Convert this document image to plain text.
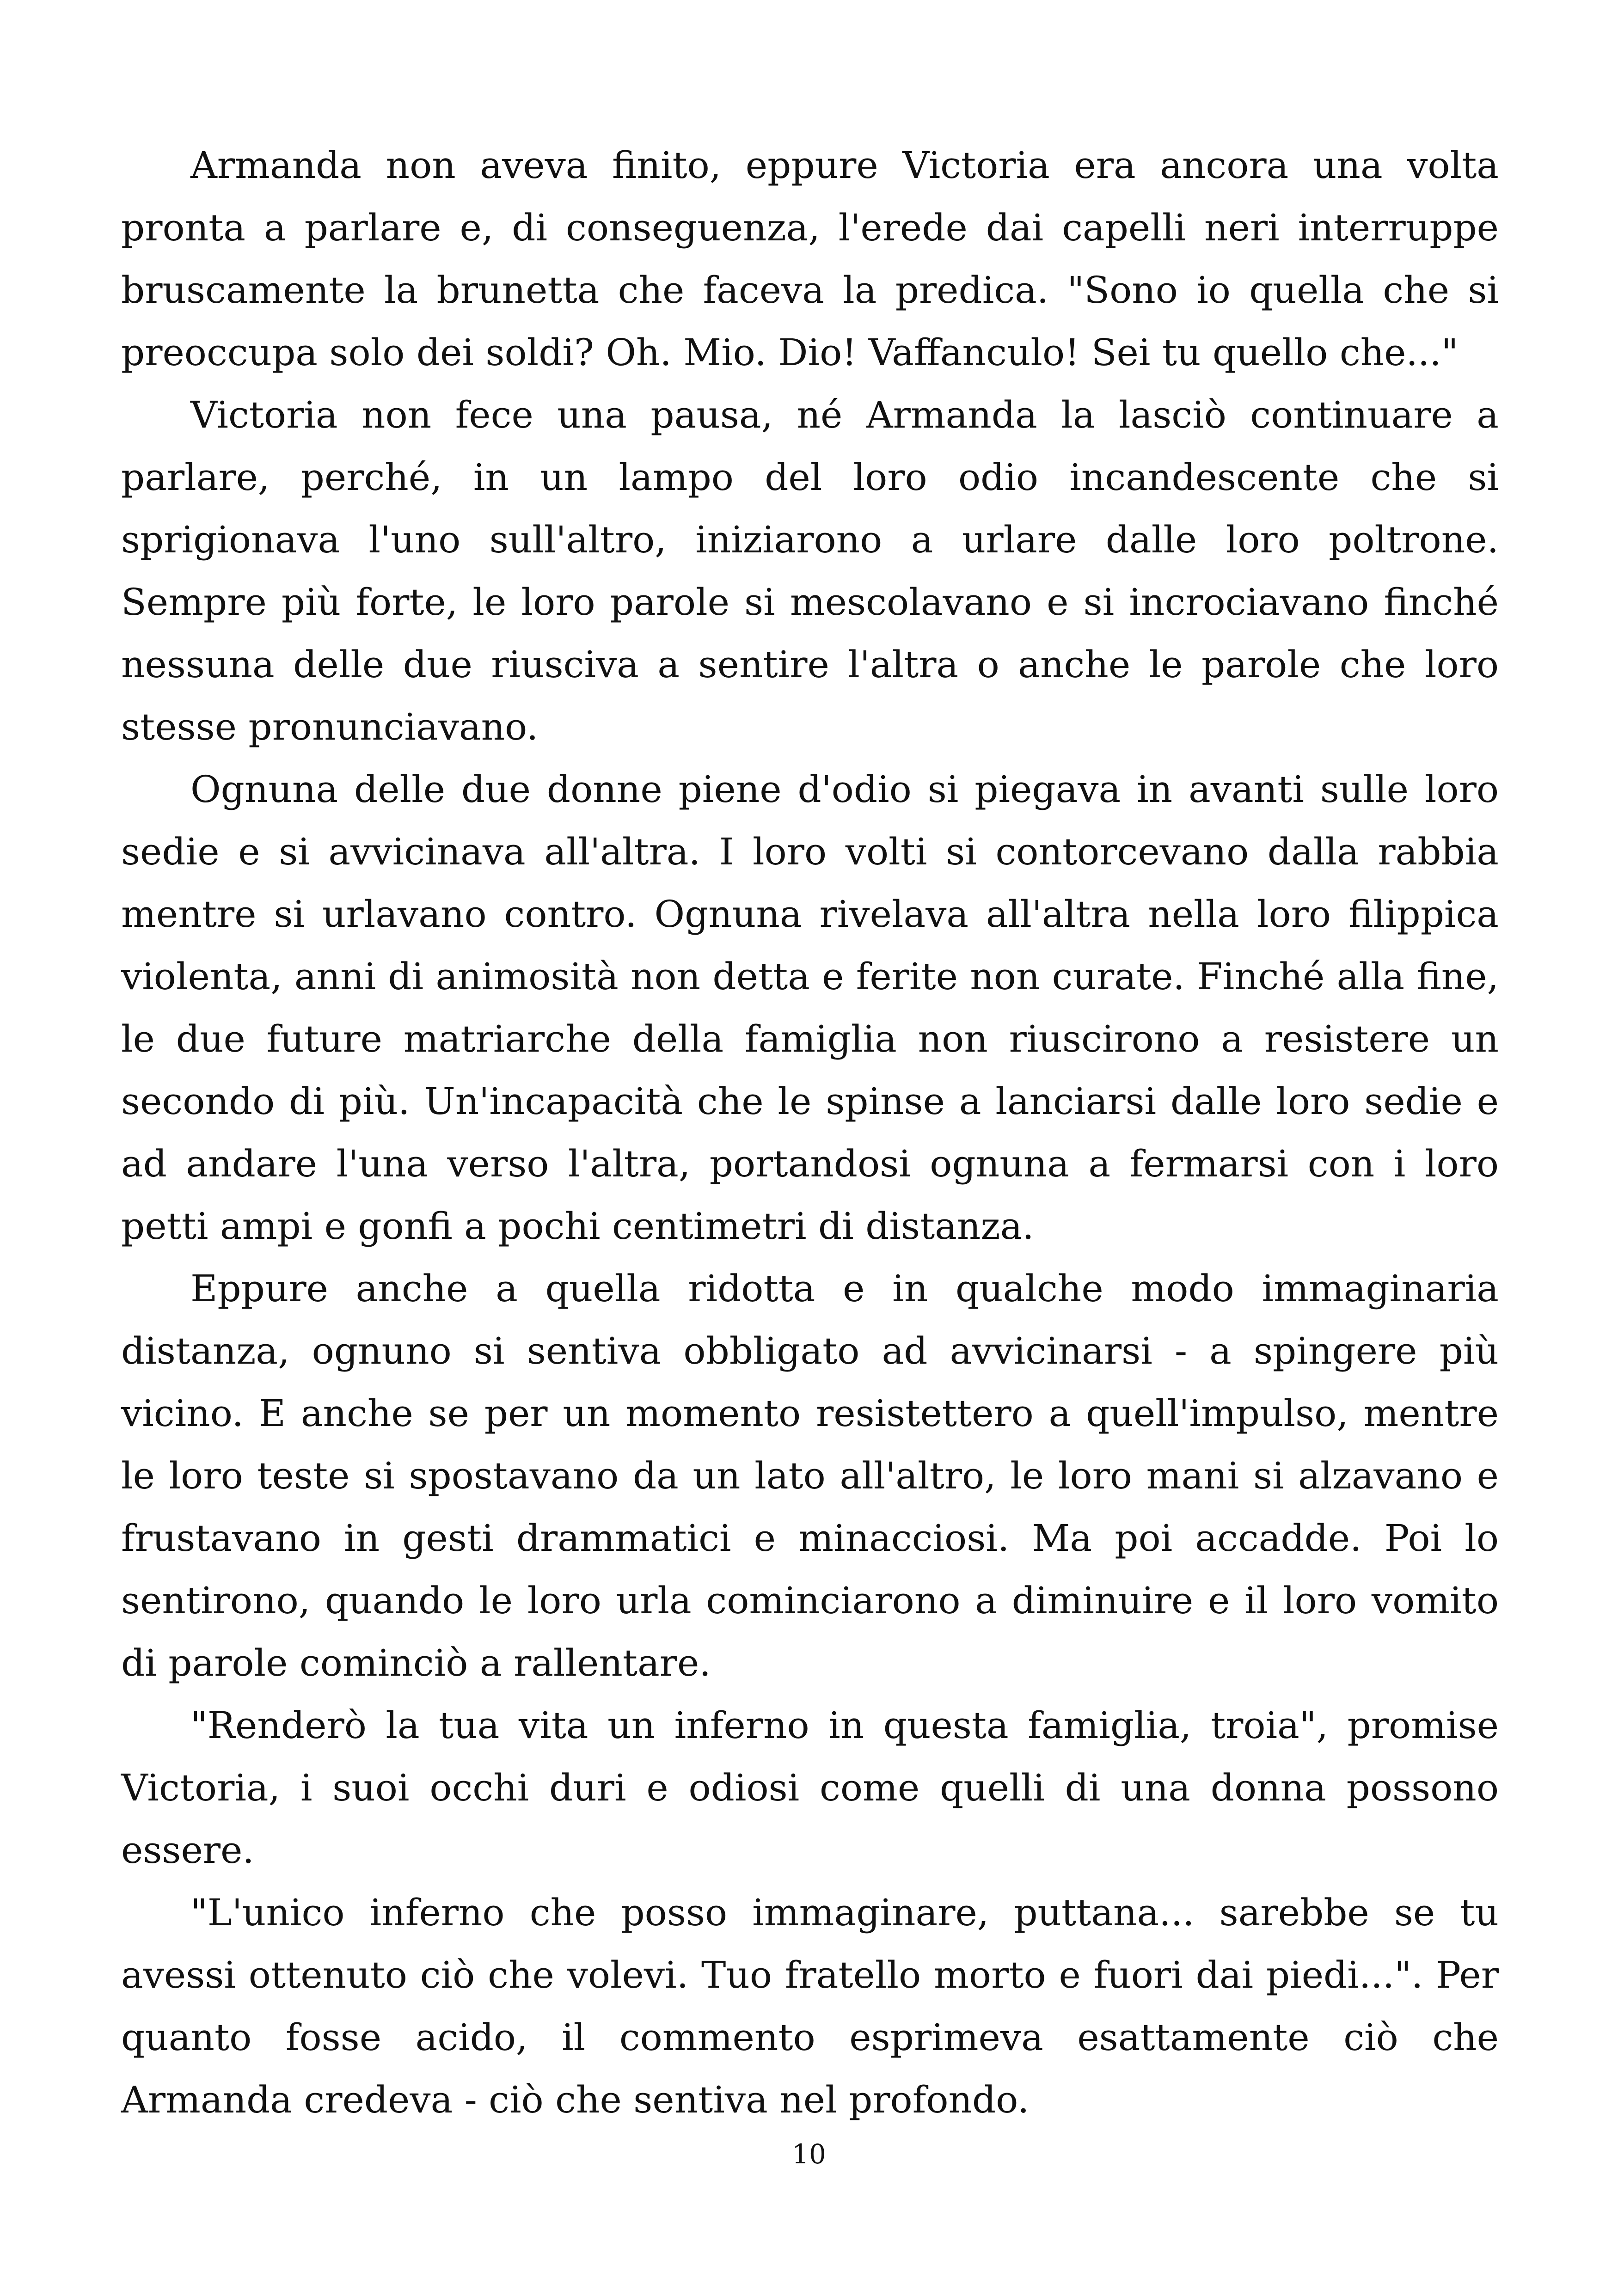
Armanda non aveva finito, eppure Victoria era ancora una volta pronta a parlare e, di conseguenza, l'erede dai capelli neri interruppe bruscamente la brunetta che faceva la predica. "Sono io quella che si preoccupa solo dei soldi? Oh. Mio. Dio! Vaffanculo! Sei tu quello che..."

Victoria non fece una pausa, né Armanda la lasciò continuare a parlare, perché, in un lampo del loro odio incandescente che si sprigionava l'uno sull'altro, iniziarono a urlare dalle loro poltrone. Sempre più forte, le loro parole si mescolavano e si incrociavano finché nessuna delle due riusciva a sentire l'altra o anche le parole che loro stesse pronunciavano.

Ognuna delle due donne piene d'odio si piegava in avanti sulle loro sedie e si avvicinava all'altra. I loro volti si contorcevano dalla rabbia mentre si urlavano contro. Ognuna rivelava all'altra nella loro filippica violenta, anni di animosità non detta e ferite non curate. Finché alla fine, le due future matriarche della famiglia non riuscirono a resistere un secondo di più. Un'incapacità che le spinse a lanciarsi dalle loro sedie e ad andare l'una verso l'altra, portandosi ognuna a fermarsi con i loro petti ampi e gonfi a pochi centimetri di distanza.

Eppure anche a quella ridotta e in qualche modo immaginaria distanza, ognuno si sentiva obbligato ad avvicinarsi - a spingere più vicino. E anche se per un momento resistettero a quell'impulso, mentre le loro teste si spostavano da un lato all'altro, le loro mani si alzavano e frustavano in gesti drammatici e minacciosi. Ma poi accadde. Poi lo sentirono, quando le loro urla cominciarono a diminuire e il loro vomito di parole cominciò a rallentare.

"Renderò la tua vita un inferno in questa famiglia, troia", promise Victoria, i suoi occhi duri e odiosi come quelli di una donna possono essere.

"L'unico inferno che posso immaginare, puttana... sarebbe se tu avessi ottenuto ciò che volevi. Tuo fratello morto e fuori dai piedi...". Per quanto fosse acido, il commento esprimeva esattamente ciò che Armanda credeva - ciò che sentiva nel profondo.

10
